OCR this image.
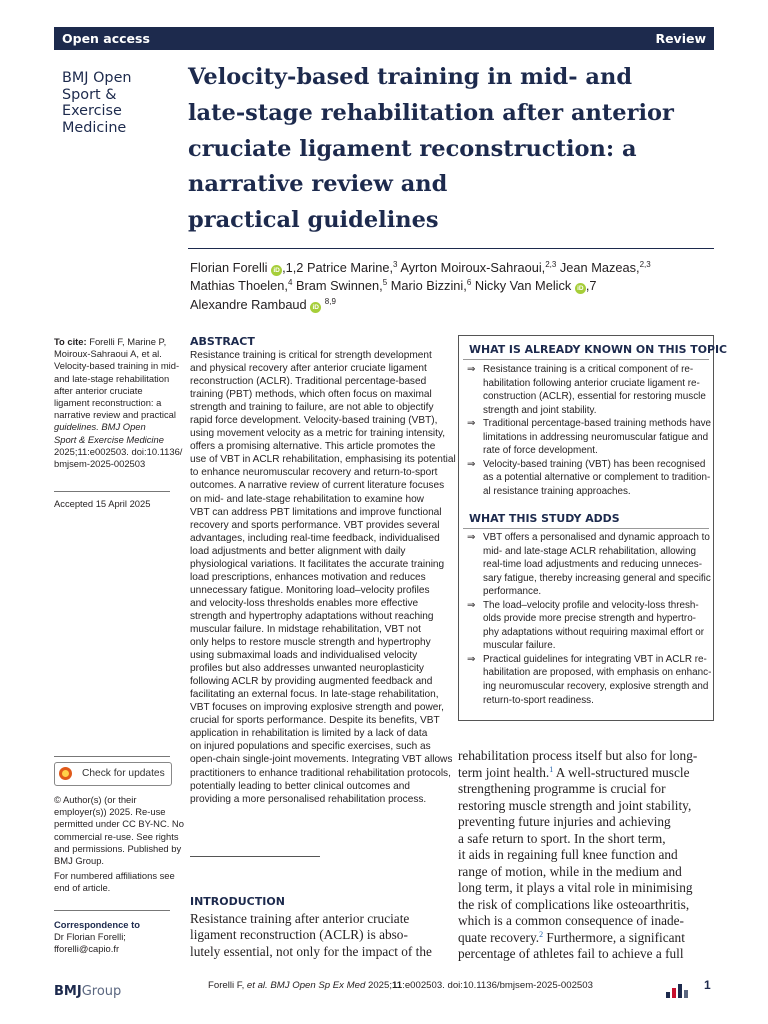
Open access	Review
BMJ Open
Sport &
Exercise
Medicine
Velocity-based training in mid- and
late-stage rehabilitation after anterior
cruciate ligament reconstruction: a
narrative review and
practical guidelines
Florian Forelli iD ,1,2 Patrice Marine,$^3$ Ayrton Moiroux-Sahraoui,$^{2,3}$ Jean Mazeas,$^{2,3}$
Mathias Thoelen,$^4$ Bram Swinnen,$^5$ Mario Bizzini,$^6$ Nicky Van Melick iD ,7
Alexandre Rambaud iD $^{8,9}$
To cite: Forelli F, Marine P,
Moiroux-Sahraoui A, et al.
Velocity-based training in mid-
and late-stage rehabilitation
after anterior cruciate
ligament reconstruction: a
narrative review and practical
guidelines. BMJ Open
Sport & Exercise Medicine
2025;11:e002503. doi:10.1136/
bmjsem-2025-002503
Accepted 15 April 2025
Check for updates
© Author(s) (or their
employer(s)) 2025. Re-use
permitted under CC BY-NC. No
commercial re-use. See rights
and permissions. Published by
BMJ Group.
For numbered affiliations see
end of article.
Correspondence to
Dr Florian Forelli;
fforelli@capio.fr
ABSTRACT
Resistance training is critical for strength development
and physical recovery after anterior cruciate ligament
reconstruction (ACLR). Traditional percentage-based
training (PBT) methods, which often focus on maximal
strength and training to failure, are not able to objectify
rapid force development. Velocity-based training (VBT),
using movement velocity as a metric for training intensity,
offers a promising alternative. This article promotes the
use of VBT in ACLR rehabilitation, emphasising its potential
to enhance neuromuscular recovery and return-to-sport
outcomes. A narrative review of current literature focuses
on mid- and late-stage rehabilitation to examine how
VBT can address PBT limitations and improve functional
recovery and sports performance. VBT provides several
advantages, including real-time feedback, individualised
load adjustments and better alignment with daily
physiological variations. It facilitates the accurate training
load prescriptions, enhances motivation and reduces
unnecessary fatigue. Monitoring load–velocity profiles
and velocity-loss thresholds enables more effective
strength and hypertrophy adaptations without reaching
muscular failure. In midstage rehabilitation, VBT not
only helps to restore muscle strength and hypertrophy
using submaximal loads and individualised velocity
profiles but also addresses unwanted neuroplasticity
following ACLR by providing augmented feedback and
facilitating an external focus. In late-stage rehabilitation,
VBT focuses on improving explosive strength and power,
crucial for sports performance. Despite its benefits, VBT
application in rehabilitation is limited by a lack of data
on injured populations and specific exercises, such as
open-chain single-joint movements. Integrating VBT allows
practitioners to enhance traditional rehabilitation protocols,
potentially leading to better clinical outcomes and
providing a more personalised rehabilitation process.
WHAT IS ALREADY KNOWN ON THIS TOPIC
⇒ Resistance training is a critical component of re-
habilitation following anterior cruciate ligament re-
construction (ACLR), essential for restoring muscle
strength and joint stability.
⇒ Traditional percentage-based training methods have
limitations in addressing neuromuscular fatigue and
rate of force development.
⇒ Velocity-based training (VBT) has been recognised
as a potential alternative or complement to tradition-
al resistance training approaches.
WHAT THIS STUDY ADDS
⇒ VBT offers a personalised and dynamic approach to
mid- and late-stage ACLR rehabilitation, allowing
real-time load adjustments and reducing unneces-
sary fatigue, thereby increasing general and specific
performance.
⇒ The load–velocity profile and velocity-loss thresh-
olds provide more precise strength and hypertro-
phy adaptations without requiring maximal effort or
muscular failure.
⇒ Practical guidelines for integrating VBT in ACLR re-
habilitation are proposed, with emphasis on enhanc-
ing neuromuscular recovery, explosive strength and
return-to-sport readiness.
INTRODUCTION
Resistance training after anterior cruciate
ligament reconstruction (ACLR) is abso-
lutely essential, not only for the impact of the
rehabilitation process itself but also for long-
term joint health.$^1$ A well-structured muscle
strengthening programme is crucial for
restoring muscle strength and joint stability,
preventing future injuries and achieving
a safe return to sport. In the short term,
it aids in regaining full knee function and
range of motion, while in the medium and
long term, it plays a vital role in minimising
the risk of complications like osteoarthritis,
which is a common consequence of inade-
quate recovery.$^2$ Furthermore, a significant
percentage of athletes fail to achieve a full
BMJGroup	Forelli F, et al. BMJ Open Sp Ex Med 2025;11:e002503. doi:10.1136/bmjsem-2025-002503	1
